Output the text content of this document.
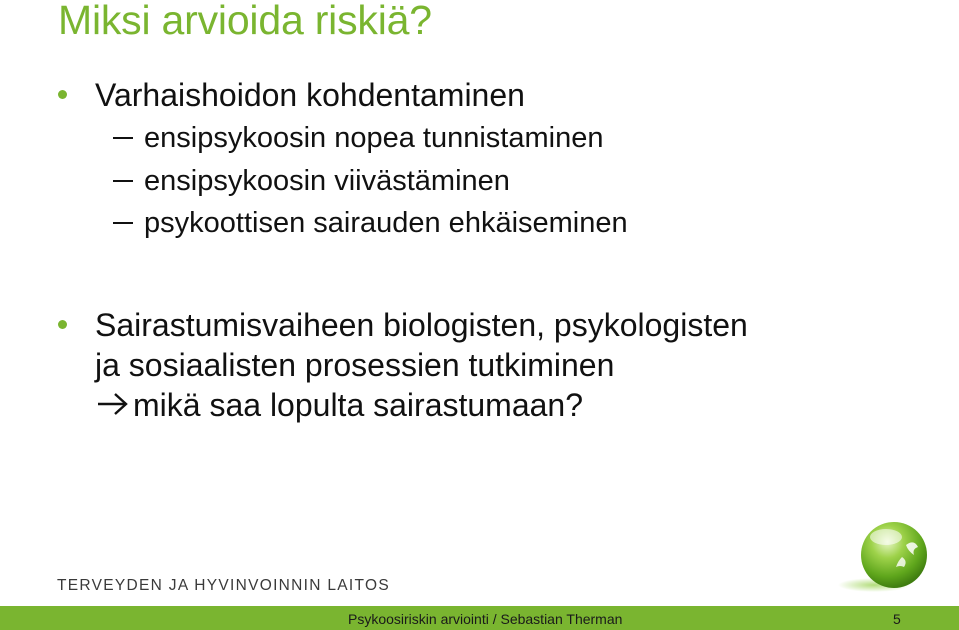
Miksi arvioida riskiä?
Varhaishoidon kohdentaminen
ensipsykoosin nopea tunnistaminen
ensipsykoosin viivästäminen
psykoottisen sairauden ehkäiseminen
Sairastumisvaiheen biologisten, psykologisten
ja sosiaalisten prosessien tutkiminen
mikä saa lopulta sairastumaan?
TERVEYDEN JA HYVINVOINNIN LAITOS
Psykoosiriskin arviointi / Sebastian Therman	5
